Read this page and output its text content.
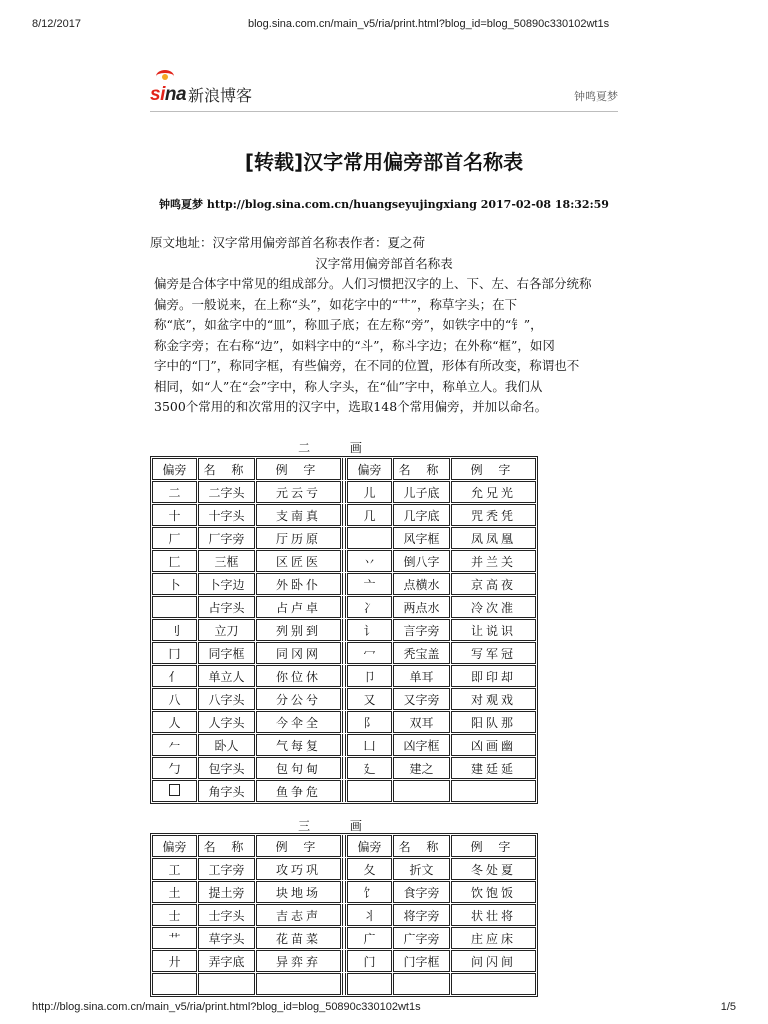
8/12/2017	blog.sina.com.cn/main_v5/ria/print.html?blog_id=blog_50890c330102wt1s
sina 新浪博客	钟鸣夏梦
[转载]汉字常用偏旁部首名称表
钟鸣夏梦 http://blog.sina.com.cn/huangseyujingxiang 2017-02-08 18:32:59

原文地址：汉字常用偏旁部首名称表作者：夏之荷

汉字常用偏旁部首名称表

偏旁是合体字中常见的组成部分。人们习惯把汉字的上、下、左、右各部分统称
偏旁。一般说来，在上称“头”，如花字中的“艹”，称草字头；在下
称“底”，如盆字中的“皿”，称皿子底；在左称“旁”，如铁字中的“钅”，
称金字旁；在右称“边”，如料字中的“斗”，称斗字边；在外称“框”，如冈
字中的“冂”，称同字框，有些偏旁，在不同的位置，形体有所改变，称谓也不
相同，如“人”在“会”字中，称人字头，在“仙”字中，称单立人。我们从
3500个常用的和次常用的汉字中，选取148个常用偏旁，并加以命名。
二 画
偏旁	名 称	例 字		偏旁	名 称	例 字
二	二字头	元云亏		儿	儿子底	允兄光
十	十字头	支南真		几	几字底	咒秃凭
厂	厂字旁	厅历原			风字框	凤凤凰
匚	三框	区匠医		丷	倒八字	并兰关
卜	卜字边	外卧仆		亠	点横水	京高夜
	占字头	占卢卓		冫	两点水	冷次准
刂	立刀	列别到		讠	言字旁	让说识
冂	同字框	同冈网		冖	秃宝盖	写军冠
亻	单立人	你位休		卩	单耳	即印却
八	八字头	分公兮		又	又字旁	对观戏
人	人字头	今伞全		阝	双耳	阳队那
𠂉	卧人	气每复		凵	凶字框	凶画幽
勹	包字头	包句甸		廴	建之	建廷延
	角字头	鱼争危				
三 画
偏旁	名 称	例 字		偏旁	名 称	例 字
工	工字旁	攻巧巩		夂	折文	冬处夏
土	提土旁	块地场		饣	食字旁	饮饱饭
士	士字头	吉志声		丬	将字旁	状壮将
艹	草字头	花苗菜		广	广字旁	庄应床
廾	弄字底	异弈弃		门	门字框	问闪间

http://blog.sina.com.cn/main_v5/ria/print.html?blog_id=blog_50890c330102wt1s	1/5
